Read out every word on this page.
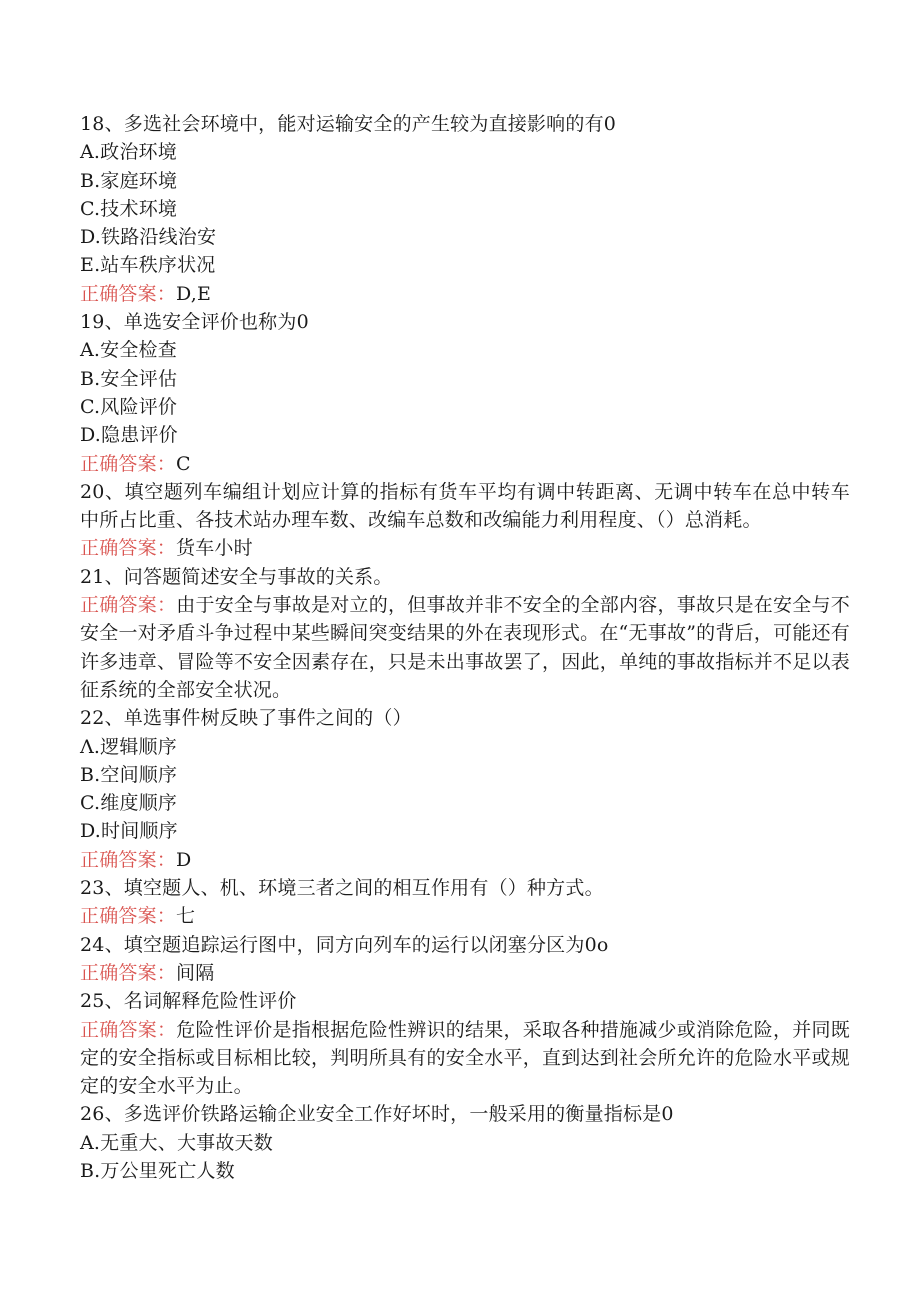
18、多选社会环境中，能对运输安全的产生较为直接影响的有0
A.政治环境
B.家庭环境
C.技术环境
D.铁路沿线治安
E.站车秩序状况
正确答案：D,E
19、单选安全评价也称为0
A.安全检查
B.安全评估
C.风险评价
D.隐患评价
正确答案：C
20、填空题列车编组计划应计算的指标有货车平均有调中转距离、无调中转车在总中转车中所占比重、各技术站办理车数、改编车总数和改编能力利用程度、（）总消耗。
正确答案：货车小时
21、问答题简述安全与事故的关系。
正确答案：由于安全与事故是对立的，但事故并非不安全的全部内容，事故只是在安全与不安全一对矛盾斗争过程中某些瞬间突变结果的外在表现形式。在“无事故”的背后，可能还有许多违章、冒险等不安全因素存在，只是未出事故罢了，因此，单纯的事故指标并不足以表征系统的全部安全状况。
22、单选事件树反映了事件之间的（）
Λ.逻辑顺序
B.空间顺序
C.维度顺序
D.时间顺序
正确答案：D
23、填空题人、机、环境三者之间的相互作用有（）种方式。
正确答案：七
24、填空题追踪运行图中，同方向列车的运行以闭塞分区为0o
正确答案：间隔
25、名词解释危险性评价
正确答案：危险性评价是指根据危险性辨识的结果，采取各种措施减少或消除危险，并同既定的安全指标或目标相比较，判明所具有的安全水平，直到达到社会所允许的危险水平或规定的安全水平为止。
26、多选评价铁路运输企业安全工作好坏时，一般采用的衡量指标是0
A.无重大、大事故天数
B.万公里死亡人数
